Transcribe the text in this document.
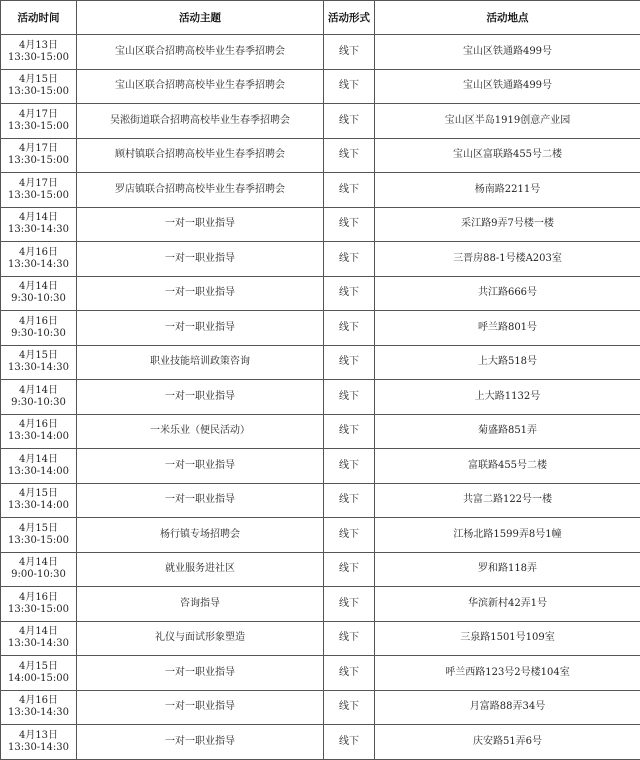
活动时间	活动主题	活动形式	活动地点

4月13日
13:30-15:00	宝山区联合招聘高校毕业生春季招聘会	线下	宝山区铁通路499号

4月15日
13:30-15:00	宝山区联合招聘高校毕业生春季招聘会	线下	宝山区铁通路499号

4月17日
13:30-15:00	吴淞街道联合招聘高校毕业生春季招聘会	线下	宝山区半岛1919创意产业园

4月17日
13:30-15:00	顾村镇联合招聘高校毕业生春季招聘会	线下	宝山区富联路455号二楼

4月17日
13:30-15:00	罗店镇联合招聘高校毕业生春季招聘会	线下	杨南路2211号

4月14日
13:30-14:30	一对一职业指导	线下	采江路9弄7号楼一楼

4月16日
13:30-14:30	一对一职业指导	线下	三晋房88-1号楼A203室

4月14日
9:30-10:30	一对一职业指导	线下	共江路666号

4月16日
9:30-10:30	一对一职业指导	线下	呼兰路801号

4月15日
13:30-14:30	职业技能培训政策咨询	线下	上大路518号

4月14日
9:30-10:30	一对一职业指导	线下	上大路1132号

4月16日
13:30-14:00	一米乐业（便民活动）	线下	菊盛路851弄

4月14日
13:30-14:00	一对一职业指导	线下	富联路455号二楼

4月15日
13:30-14:00	一对一职业指导	线下	共富二路122号一楼

4月15日
13:30-15:00	杨行镇专场招聘会	线下	江杨北路1599弄8号1幢

4月14日
9:00-10:30	就业服务进社区	线下	罗和路118弄

4月16日
13:30-15:00	咨询指导	线下	华滨新村42弄1号

4月14日
13:30-14:30	礼仪与面试形象塑造	线下	三泉路1501号109室

4月15日
14:00-15:00	一对一职业指导	线下	呼兰西路123号2号楼104室

4月16日
13:30-14:30	一对一职业指导	线下	月富路88弄34号

4月13日
13:30-14:30	一对一职业指导	线下	庆安路51弄6号
